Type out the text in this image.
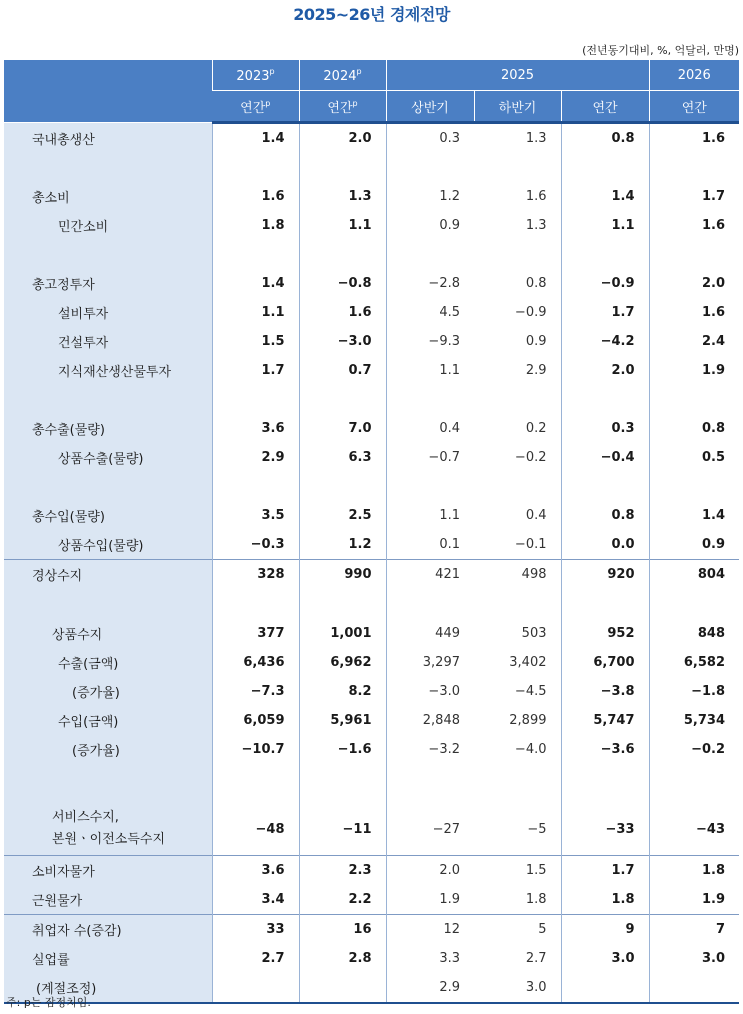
2025~26년 경제전망
(전년동기대비, %, 억달러, 만명)
	2023$^p$	2024$^p$	2025			2026
	연간$^p$	연간$^p$	상반기	하반기	연간	연간
국내총생산	1.4	2.0	0.3	1.3	0.8	1.6

총소비	1.6	1.3	1.2	1.6	1.4	1.7
민간소비	1.8	1.1	0.9	1.3	1.1	1.6

총고정투자	1.4	−0.8	−2.8	0.8	−0.9	2.0
설비투자	1.1	1.6	4.5	−0.9	1.7	1.6
건설투자	1.5	−3.0	−9.3	0.9	−4.2	2.4
지식재산생산물투자	1.7	0.7	1.1	2.9	2.0	1.9

총수출(물량)	3.6	7.0	0.4	0.2	0.3	0.8
상품수출(물량)	2.9	6.3	−0.7	−0.2	−0.4	0.5

총수입(물량)	3.5	2.5	1.1	0.4	0.8	1.4
상품수입(물량)	−0.3	1.2	0.1	−0.1	0.0	0.9
경상수지	328	990	421	498	920	804

상품수지	377	1,001	449	503	952	848
수출(금액)	6,436	6,962	3,297	3,402	6,700	6,582
(증가율)	−7.3	8.2	−3.0	−4.5	−3.8	−1.8
수입(금액)	6,059	5,961	2,848	2,899	5,747	5,734
(증가율)	−10.7	−1.6	−3.2	−4.0	−3.6	−0.2

서비스수지,
본원ㆍ이전소득수지	−48	−11	−27	−5	−33	−43
소비자물가	3.6	2.3	2.0	1.5	1.7	1.8
근원물가	3.4	2.2	1.9	1.8	1.8	1.9
취업자 수(증감)	33	16	12	5	9	7
실업률	2.7	2.8	3.3	2.7	3.0	3.0
(계절조정)			2.9	3.0		
주: p는 잠정치임.
